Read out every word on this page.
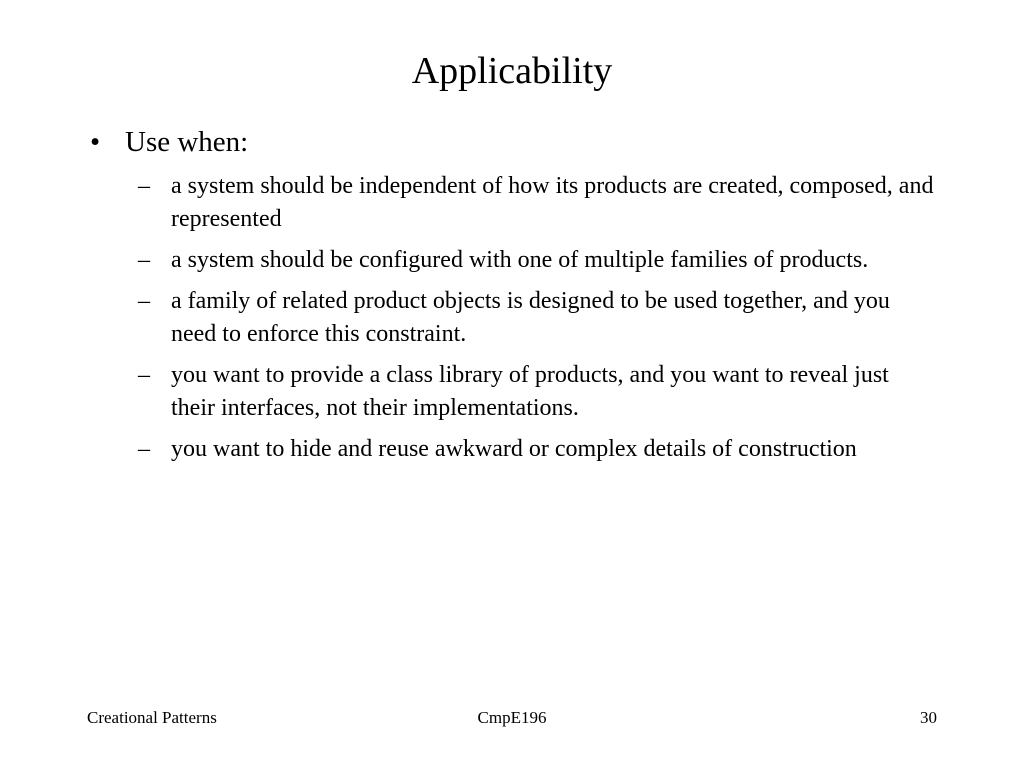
Applicability
• Use when:
– a system should be independent of how its products are created, composed, and represented
– a system should be configured with one of multiple families of products.
– a family of related product objects is designed to be used together, and you need to enforce this constraint.
– you want to provide a class library of products, and you want to reveal just their interfaces, not their implementations.
– you want to hide and reuse awkward or complex details of construction
Creational Patterns	CmpE196	30
